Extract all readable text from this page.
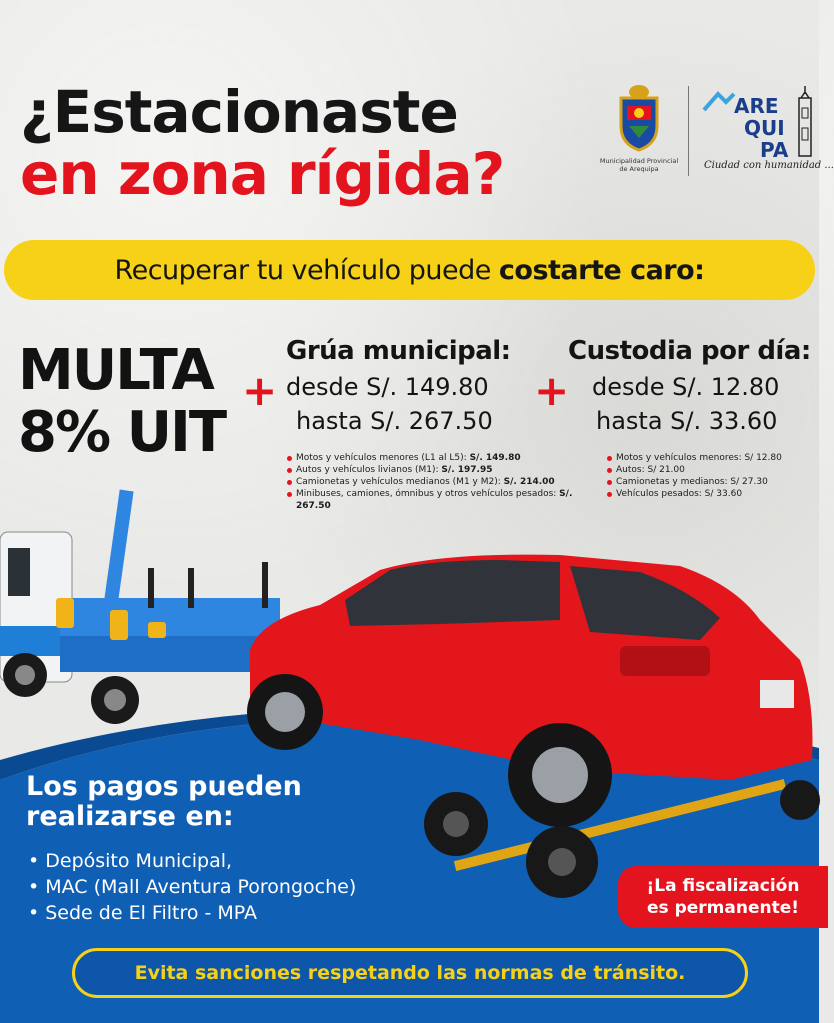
¿Estacionaste
en zona rígida?	Municipalidad Provincial de Arequipa
ARE
QUI
PA
Ciudad con humanidad ...
Recuperar tu vehículo puede costarte caro:
MULTA
8% UIT
+	+
Grúa municipal:
desde S/. 149.80
hasta S/. 267.50
Motos y vehículos menores (L1 al L5): S/. 149.80
Autos y vehículos livianos (M1): S/. 197.95
Camionetas y vehículos medianos (M1 y M2): S/. 214.00
Minibuses, camiones, ómnibus y otros vehículos pesados: S/. 267.50
Custodia por día:
desde S/. 12.80
hasta S/. 33.60
Motos y vehículos menores: S/ 12.80
Autos: S/ 21.00
Camionetas y medianos: S/ 27.30
Vehículos pesados: S/ 33.60
Los pagos pueden
realizarse en:
• Depósito Municipal,
• MAC (Mall Aventura Porongoche)
• Sede de El Filtro - MPA
¡La fiscalización
es permanente!
Evita sanciones respetando las normas de tránsito.
